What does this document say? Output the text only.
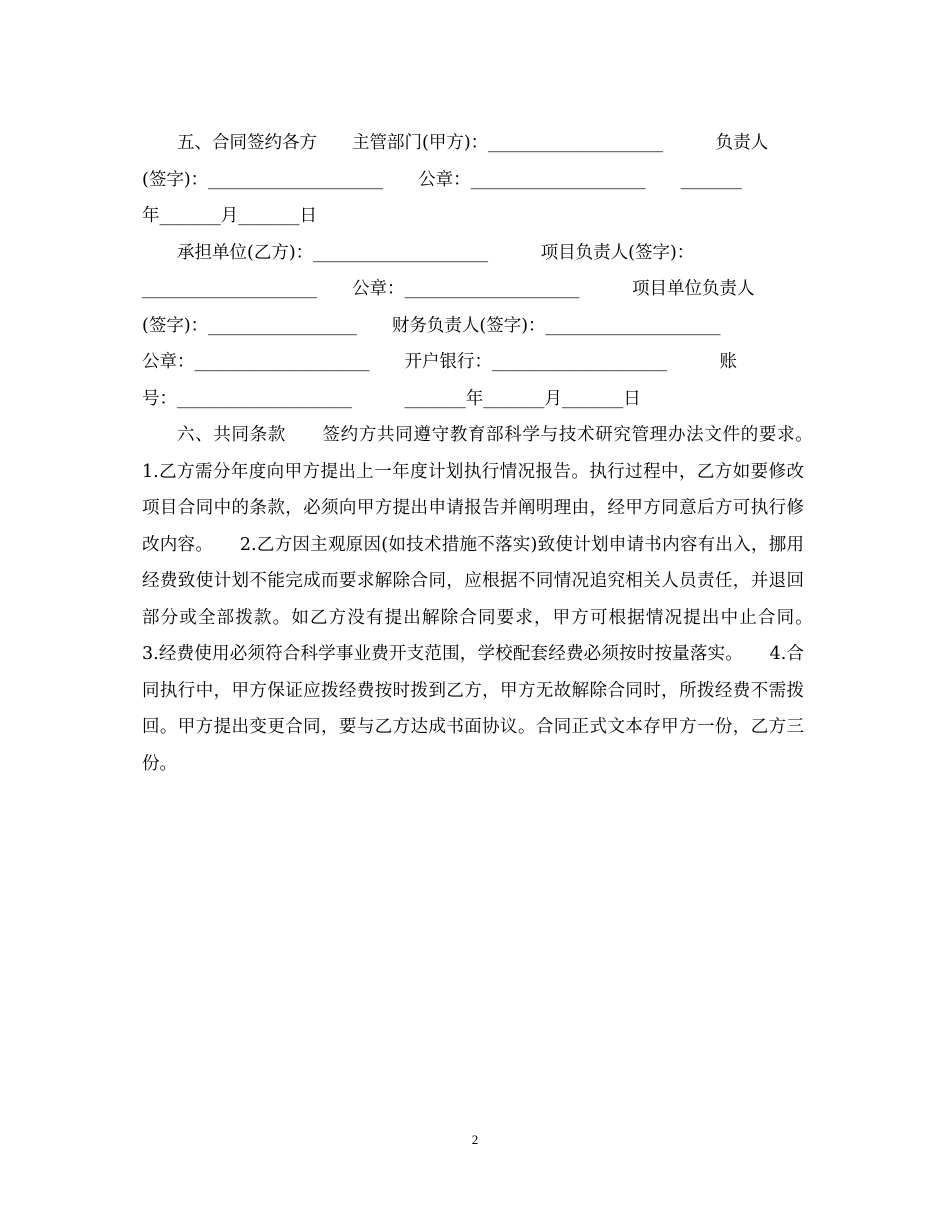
　　五、合同签约各方　　主管部门(甲方)：____________________　　　负责人
(签字)：____________________　　公章：____________________　　_______
年_______月_______日
　　承担单位(乙方)：____________________　　　项目负责人(签字)：
____________________　　公章：____________________　　　项目单位负责人
(签字)：_________________　　财务负责人(签字)：____________________
公章：____________________　　开户银行：____________________　　　账
号：____________________　　　_______年_______月_______日

六、共同条款　　签约方共同遵守教育部科学与技术研究管理办法文件的要求。　　1.乙方需分年度向甲方提出上一年度计划执行情况报告。执行过程中，乙方如要修改项目合同中的条款，必须向甲方提出申请报告并阐明理由，经甲方同意后方可执行修改内容。　　2.乙方因主观原因(如技术措施不落实)致使计划申请书内容有出入，挪用经费致使计划不能完成而要求解除合同，应根据不同情况追究相关人员责任，并退回部分或全部拨款。如乙方没有提出解除合同要求，甲方可根据情况提出中止合同。　　3.经费使用必须符合科学事业费开支范围，学校配套经费必须按时按量落实。　　4.合同执行中，甲方保证应拨经费按时拨到乙方，甲方无故解除合同时，所拨经费不需拨回。甲方提出变更合同，要与乙方达成书面协议。合同正式文本存甲方一份，乙方三份。

2
